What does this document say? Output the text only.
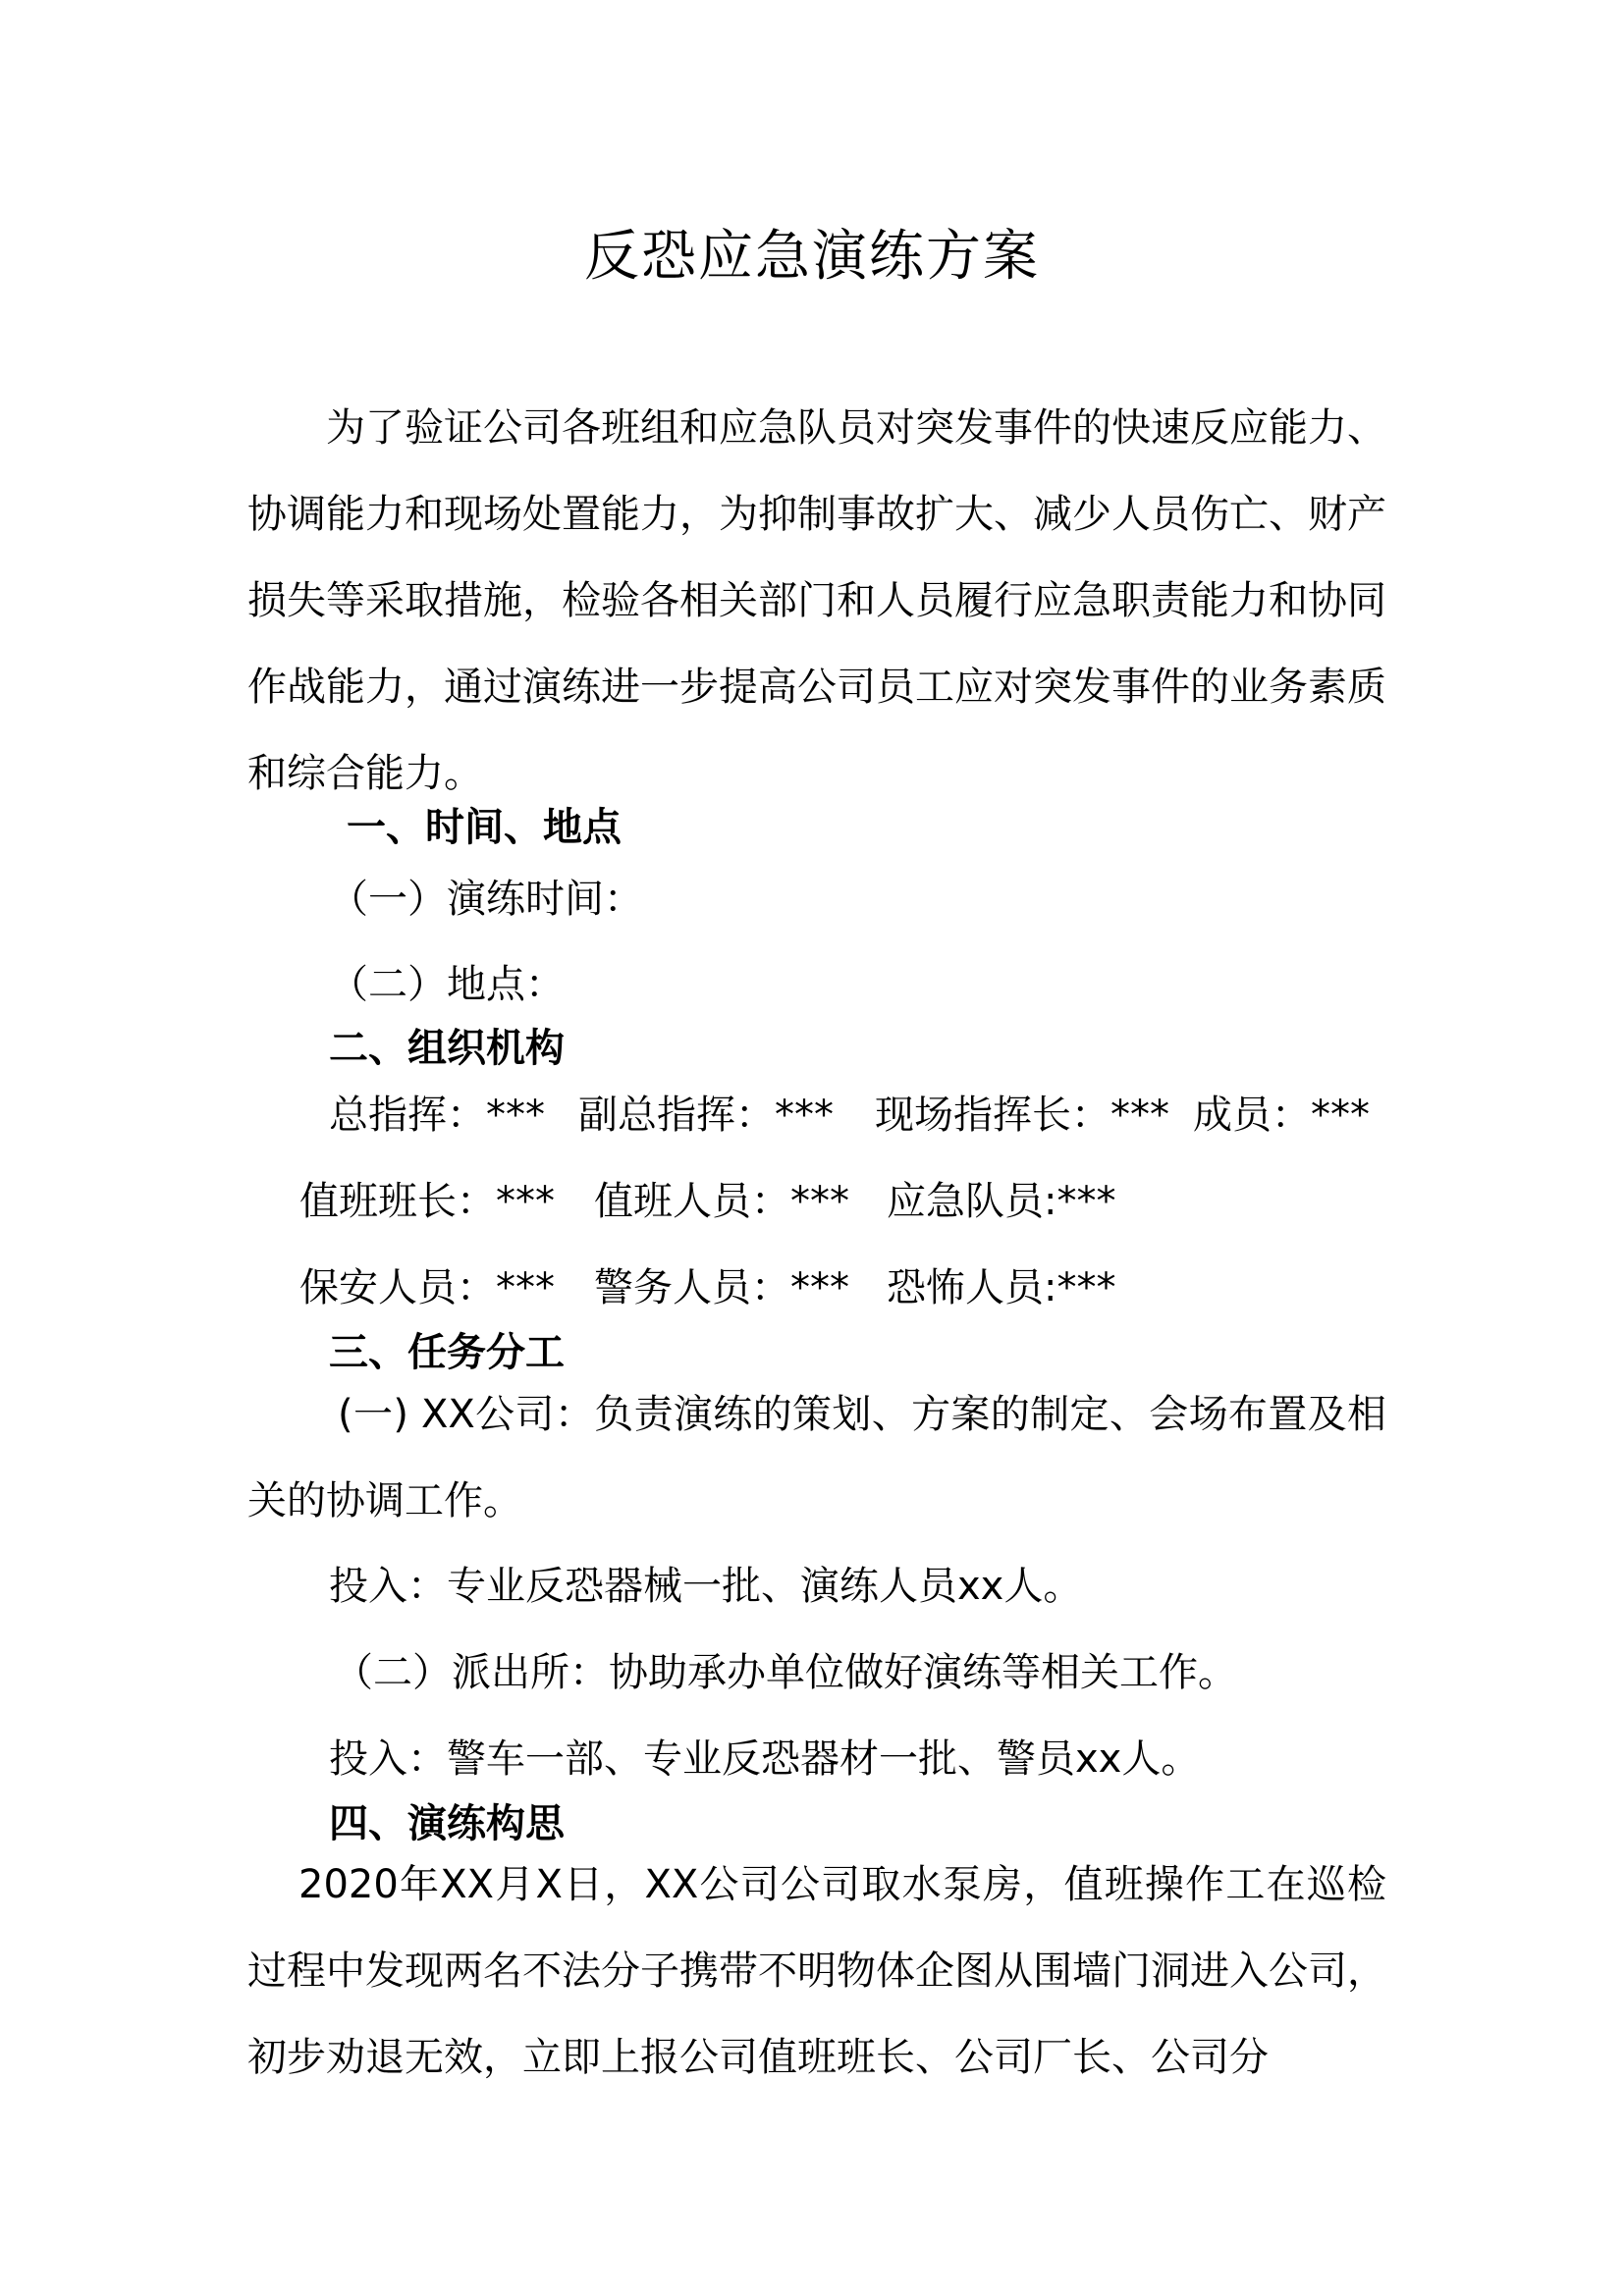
反恐应急演练方案

为了验证公司各班组和应急队员对突发事件的快速反应能力、协调能力和现场处置能力，为抑制事故扩大、减少人员伤亡、财产损失等采取措施，检验各相关部门和人员履行应急职责能力和协同作战能力，通过演练进一步提高公司员工应对突发事件的业务素质和综合能力。

一、时间、地点
（一）演练时间：
（二）地点：
二、组织机构
总指挥：*** 副总指挥：*** 现场指挥长：*** 成员：***
值班班长：*** 值班人员：*** 应急队员:***
保安人员：*** 警务人员：*** 恐怖人员:***
三、任务分工

(一) XX公司：负责演练的策划、方案的制定、会场布置及相关的协调工作。

投入：专业反恐器械一批、演练人员xx人。
（二）派出所：协助承办单位做好演练等相关工作。
投入：警车一部、专业反恐器材一批、警员xx人。
四、演练构思

2020年XX月X日，XX公司公司取水泵房，值班操作工在巡检过程中发现两名不法分子携带不明物体企图从围墙门洞进入公司，初步劝退无效，立即上报公司值班班长、公司厂长、公司分
